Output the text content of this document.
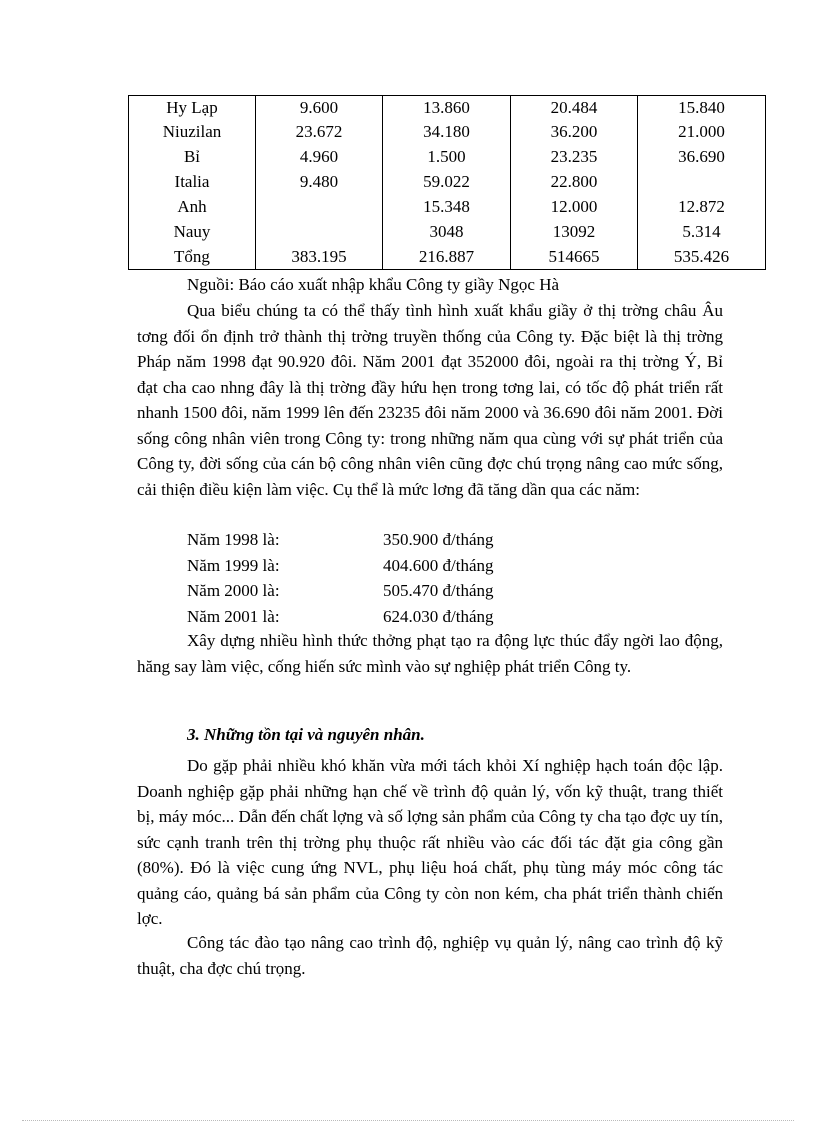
Hy Lạp	9.600	13.860	20.484	15.840
Niuzilan	23.672	34.180	36.200	21.000
Bỉ	4.960	1.500	23.235	36.690
Italia	9.480	59.022	22.800	
Anh		15.348	12.000	12.872
Nauy		3048	13092	5.314
Tổng	383.195	216.887	514665	535.426
Nguồi: Báo cáo xuất nhập khẩu Công ty giầy Ngọc Hà

Qua biểu chúng ta có thể thấy tình hình xuất khẩu giầy ở thị trờng châu Âu tơng đối ổn định trở thành thị trờng truyền thống của Công ty. Đặc biệt là thị trờng Pháp năm 1998 đạt 90.920 đôi. Năm 2001 đạt 352000 đôi, ngoài ra thị trờng Ý, Bỉ đạt cha cao nhng đây là thị trờng đầy hứu hẹn trong tơng lai, có tốc độ phát triển rất nhanh 1500 đôi, năm 1999 lên đến 23235 đôi năm 2000 và 36.690 đôi năm 2001. Đời sống công nhân viên trong Công ty: trong những năm qua cùng với sự phát triển của Công ty, đời sống của cán bộ công nhân viên cũng đợc chú trọng nâng cao mức sống, cải thiện điều kiện làm việc. Cụ thể là mức lơng đã tăng dần qua các năm:

Năm 1998 là:	350.900 đ/tháng
Năm 1999 là:	404.600 đ/tháng
Năm 2000 là:	505.470 đ/tháng
Năm 2001 là:	624.030 đ/tháng

Xây dựng nhiều hình thức thởng phạt tạo ra động lực thúc đẩy ngời lao động, hăng say làm việc, cống hiến sức mình vào sự nghiệp phát triển Công ty.

3. Những tồn tại và nguyên nhân.

Do gặp phải nhiều khó khăn vừa mới tách khỏi Xí nghiệp hạch toán độc lập. Doanh nghiệp gặp phải những hạn chế về trình độ quản lý, vốn kỹ thuật, trang thiết bị, máy móc... Dẫn đến chất lợng và số lợng sản phẩm của Công ty cha tạo đợc uy tín, sức cạnh tranh trên thị trờng phụ thuộc rất nhiều vào các đối tác đặt gia công gần (80%). Đó là việc cung ứng NVL, phụ liệu hoá chất, phụ tùng máy móc công tác quảng cáo, quảng bá sản phẩm của Công ty còn non kém, cha phát triển thành chiến lợc.

Công tác đào tạo nâng cao trình độ, nghiệp vụ quản lý, nâng cao trình độ kỹ thuật, cha đợc chú trọng.
